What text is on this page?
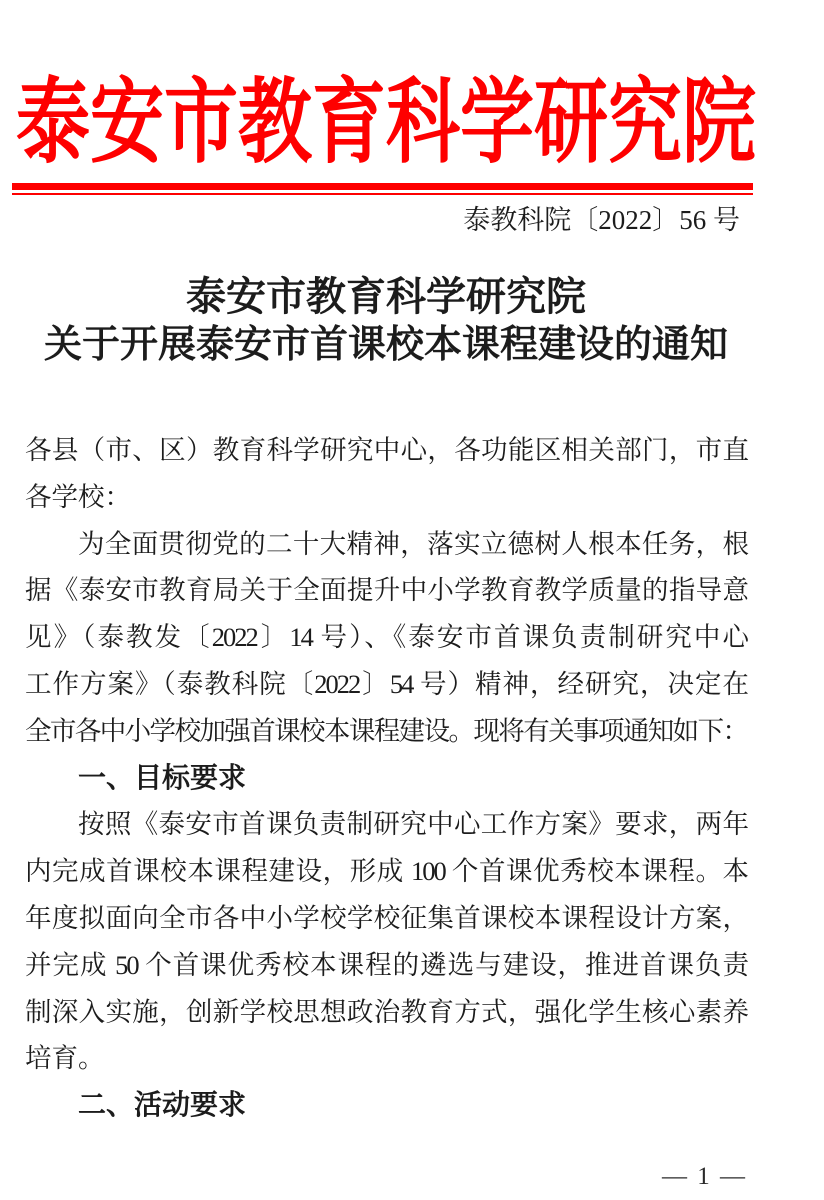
泰安市教育科学研究院
泰教科院〔2022〕56 号
泰安市教育科学研究院
关于开展泰安市首课校本课程建设的通知
各县（市、区）教育科学研究中心，各功能区相关部门，市直
各学校：
为全面贯彻党的二十大精神，落实立德树人根本任务，根
据《泰安市教育局关于全面提升中小学教育教学质量的指导意
见》（泰教发〔2022〕14 号）、《泰安市首课负责制研究中心
工作方案》（泰教科院〔2022〕54 号）精神，经研究，决定在
全市各中小学校加强首课校本课程建设。现将有关事项通知如下：
一、目标要求
按照《泰安市首课负责制研究中心工作方案》要求，两年
内完成首课校本课程建设，形成 100 个首课优秀校本课程。本
年度拟面向全市各中小学校学校征集首课校本课程设计方案，
并完成 50 个首课优秀校本课程的遴选与建设，推进首课负责
制深入实施，创新学校思想政治教育方式，强化学生核心素养
培育。
二、活动要求
— 1 —
